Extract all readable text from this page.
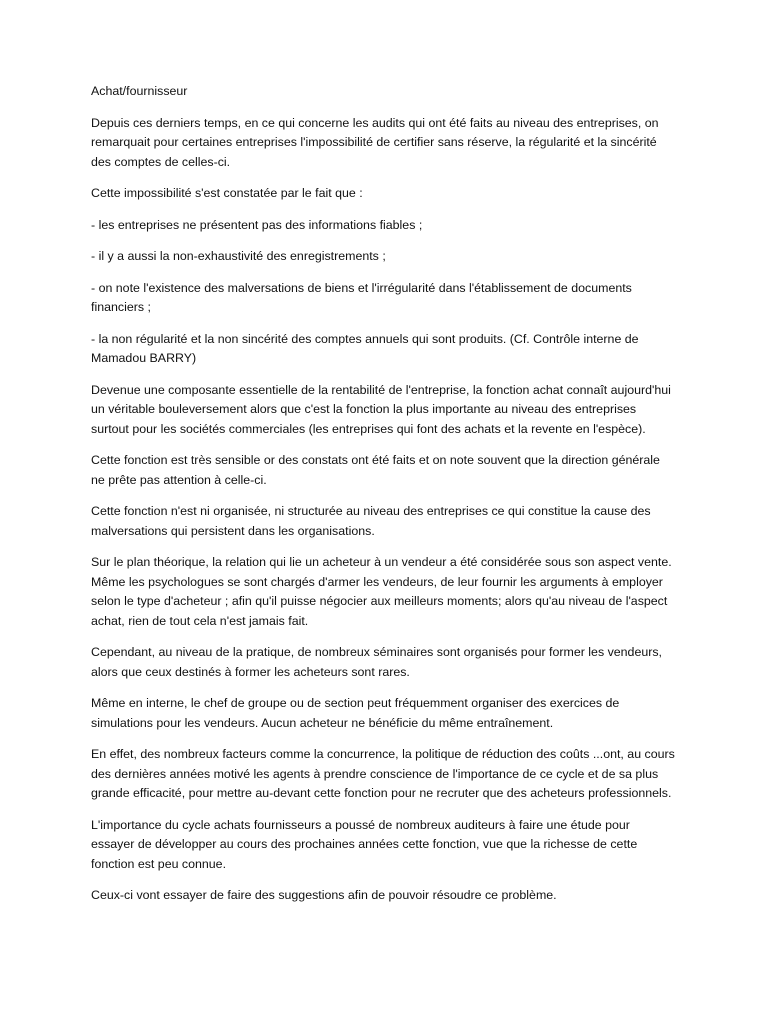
Achat/fournisseur

Depuis ces derniers temps, en ce qui concerne les audits qui ont été faits au niveau des entreprises, on remarquait pour certaines entreprises l'impossibilité de certifier sans réserve, la régularité et la sincérité des comptes de celles-ci.

Cette impossibilité s'est constatée par le fait que :

- les entreprises ne présentent pas des informations fiables ;

- il y a aussi la non-exhaustivité des enregistrements ;

- on note l'existence des malversations de biens et l'irrégularité dans l'établissement de documents financiers ;

- la non régularité et la non sincérité des comptes annuels qui sont produits. (Cf. Contrôle interne de Mamadou BARRY)

Devenue une composante essentielle de la rentabilité de l'entreprise, la fonction achat connaît aujourd'hui un véritable bouleversement alors que c'est la fonction la plus importante au niveau des entreprises surtout pour les sociétés commerciales (les entreprises qui font des achats et la revente en l'espèce).

Cette fonction est très sensible or des constats ont été faits et on note souvent que la direction générale ne prête pas attention à celle-ci.

Cette fonction n'est ni organisée, ni structurée au niveau des entreprises ce qui constitue la cause des malversations qui persistent dans les organisations.

Sur le plan théorique, la relation qui lie un acheteur à un vendeur a été considérée sous son aspect vente. Même les psychologues se sont chargés d'armer les vendeurs, de leur fournir les arguments à employer selon le type d'acheteur ; afin qu'il puisse négocier aux meilleurs moments; alors qu'au niveau de l'aspect achat, rien de tout cela n'est jamais fait.

Cependant, au niveau de la pratique, de nombreux séminaires sont organisés pour former les vendeurs, alors que ceux destinés à former les acheteurs sont rares.

Même en interne, le chef de groupe ou de section peut fréquemment organiser des exercices de simulations pour les vendeurs. Aucun acheteur ne bénéficie du même entraînement.

En effet, des nombreux facteurs comme la concurrence, la politique de réduction des coûts ...ont, au cours des dernières années motivé les agents à prendre conscience de l'importance de ce cycle et de sa plus grande efficacité, pour mettre au-devant cette fonction pour ne recruter que des acheteurs professionnels.

L'importance du cycle achats fournisseurs a poussé de nombreux auditeurs à faire une étude pour essayer de développer au cours des prochaines années cette fonction, vue que la richesse de cette fonction est peu connue.

Ceux-ci vont essayer de faire des suggestions afin de pouvoir résoudre ce problème.
